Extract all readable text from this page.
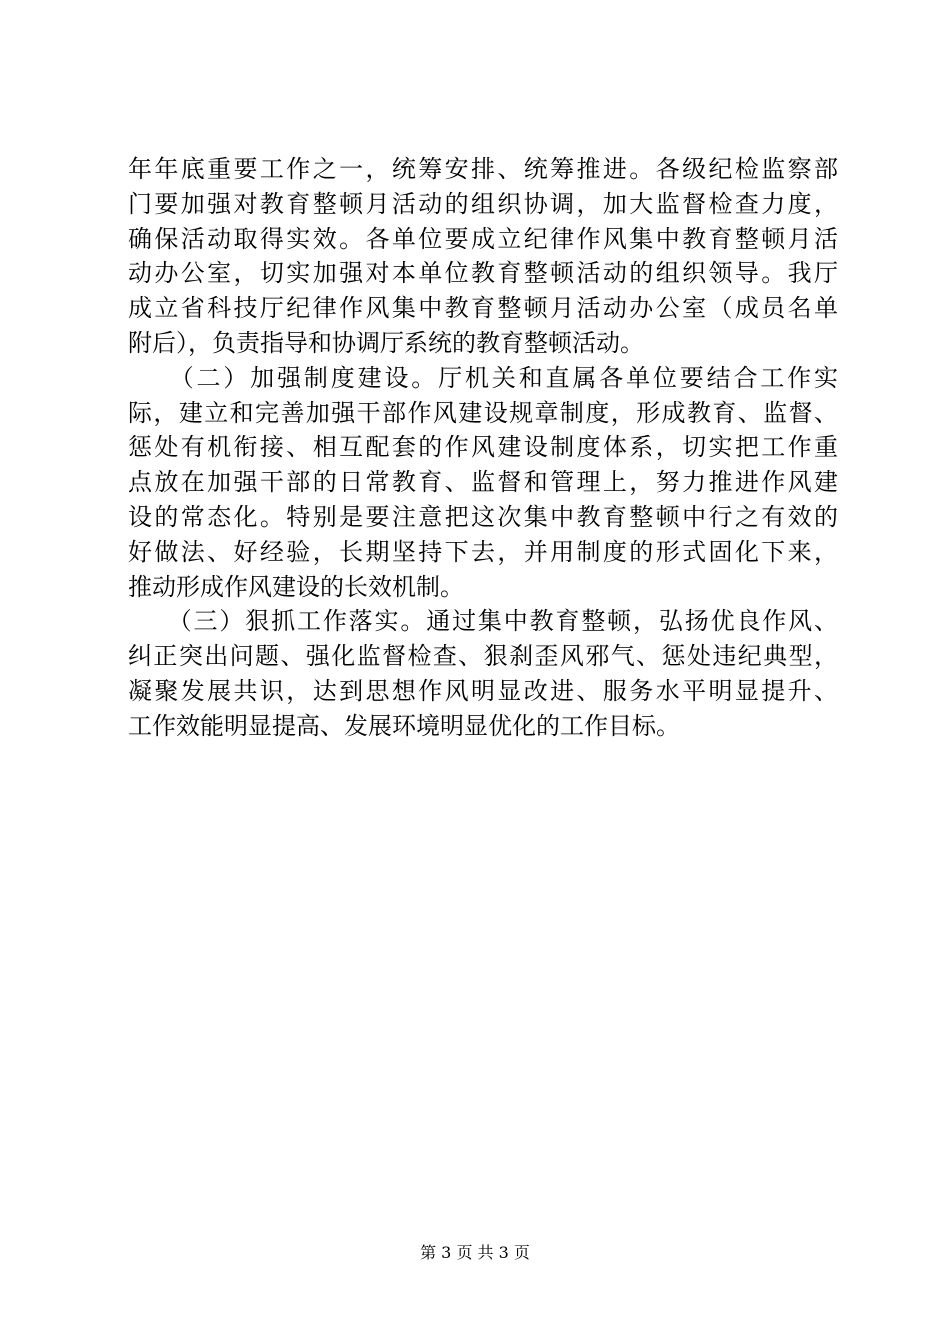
年年底重要工作之一，统筹安排、统筹推进。各级纪检监察部
门要加强对教育整顿月活动的组织协调，加大监督检查力度，
确保活动取得实效。各单位要成立纪律作风集中教育整顿月活
动办公室，切实加强对本单位教育整顿活动的组织领导。我厅
成立省科技厅纪律作风集中教育整顿月活动办公室（成员名单
附后），负责指导和协调厅系统的教育整顿活动。
　　（二）加强制度建设。厅机关和直属各单位要结合工作实
际，建立和完善加强干部作风建设规章制度，形成教育、监督、
惩处有机衔接、相互配套的作风建设制度体系，切实把工作重
点放在加强干部的日常教育、监督和管理上，努力推进作风建
设的常态化。特别是要注意把这次集中教育整顿中行之有效的
好做法、好经验，长期坚持下去，并用制度的形式固化下来，
推动形成作风建设的长效机制。
　　（三）狠抓工作落实。通过集中教育整顿，弘扬优良作风、
纠正突出问题、强化监督检查、狠刹歪风邪气、惩处违纪典型，
凝聚发展共识，达到思想作风明显改进、服务水平明显提升、
工作效能明显提高、发展环境明显优化的工作目标。
第 3 页 共 3 页
